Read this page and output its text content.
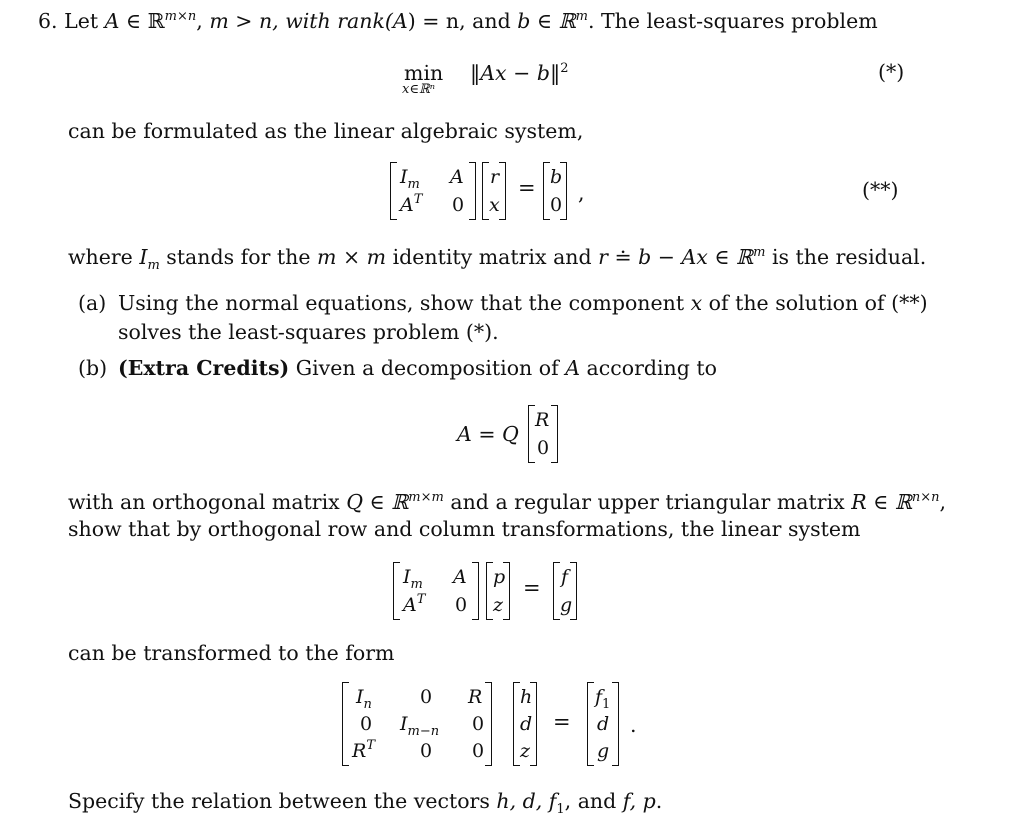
6. Let A ∈ ℝ$^{m\times n}$, m > n, with rank(A) = n, and b ∈ ℝ$^m$. The least-squares problem
min
x∈ℝⁿ
‖Ax − b‖$^2$	(*)
can be formulated as the linear algebraic system,
$I_m$ A
$A^T$ 0
r
x
= b
0 ,	(**)
where $I_m$ stands for the m × m identity matrix and r ≐ b − Ax ∈ ℝ$^m$ is the residual.
(a) Using the normal equations, show that the component x of the solution of (**)
solves the least-squares problem (*).
(b) (Extra Credits) Given a decomposition of A according to
A = Q
R
0
with an orthogonal matrix Q ∈ ℝ$^{m\times m}$ and a regular upper triangular matrix R ∈ ℝ$^{n\times n}$,
show that by orthogonal row and column transformations, the linear system
$I_m$ A
$A^T$ 0
p
z
= f
g
can be transformed to the form
$I_n$	0 R
0 $I_{m-n}$ 0
$R^T$ 0 0
h
d
z
=
$f_1$
d
g
.
Specify the relation between the vectors h, d, $f_1$, and f, p.
